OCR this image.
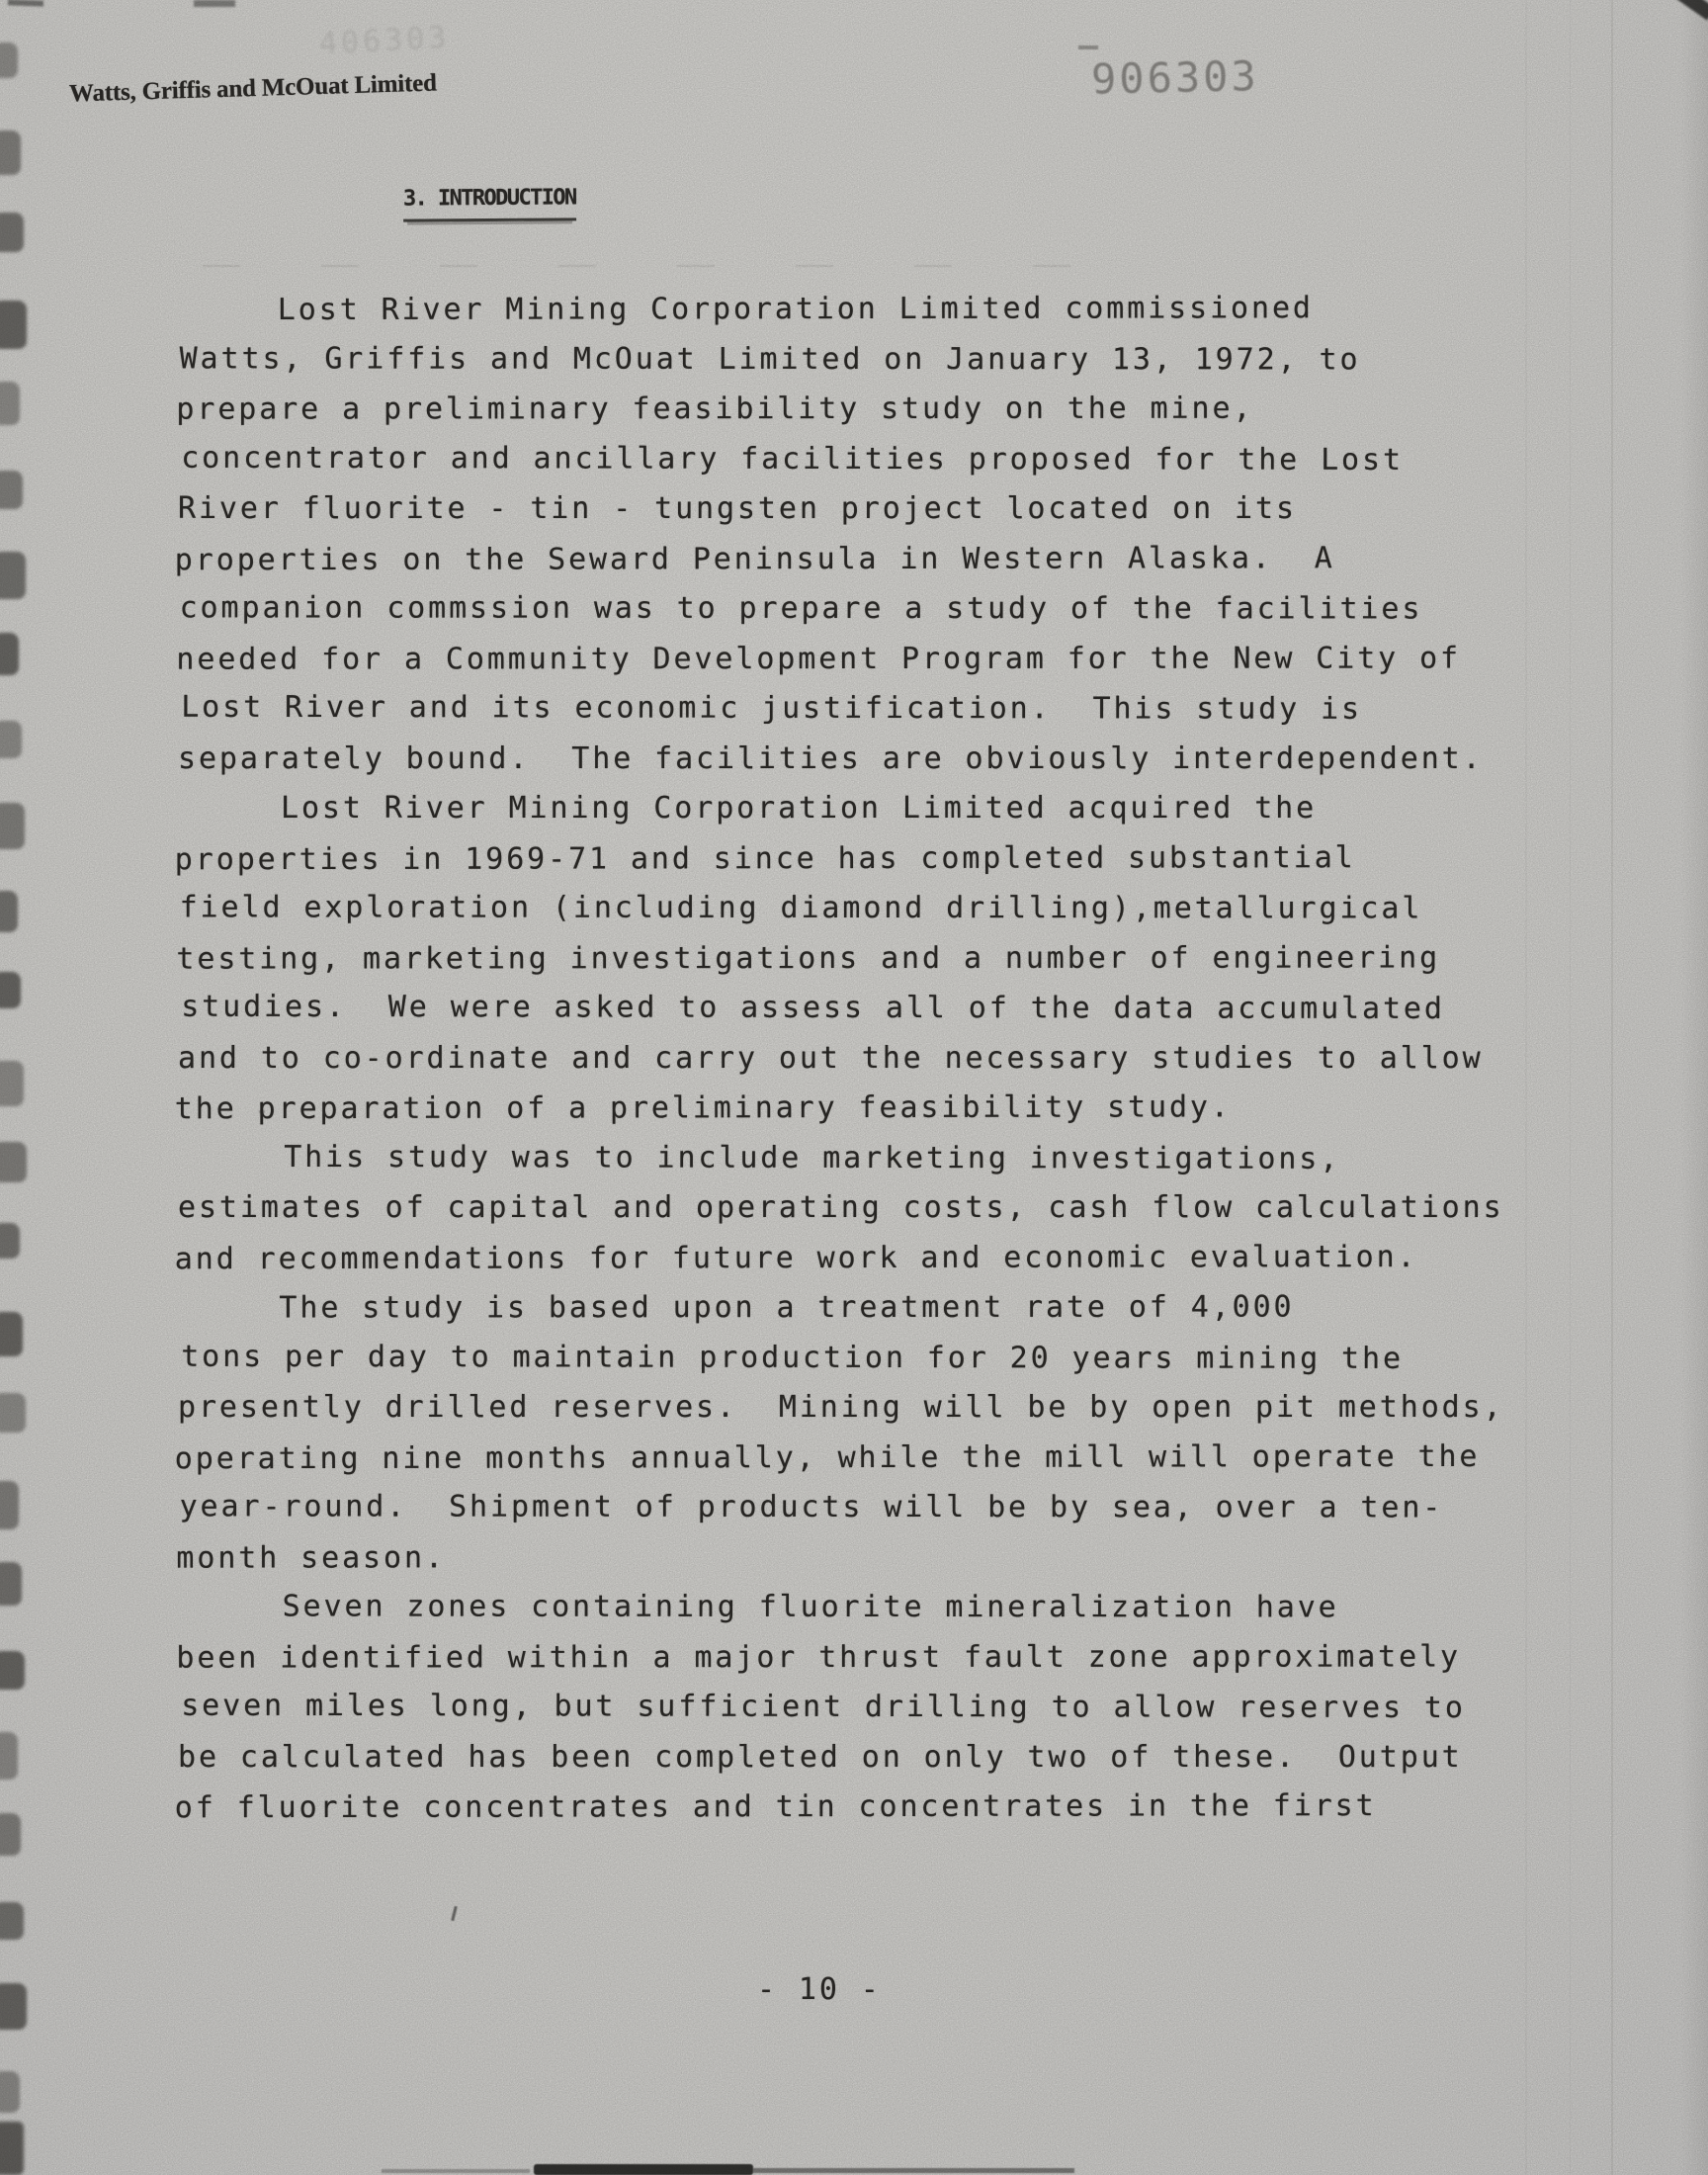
Watts, Griffis and McOuat Limited
406303
906303
3. INTRODUCTION
Lost River Mining Corporation Limited commissioned
Watts, Griffis and McOuat Limited on January 13, 1972, to
prepare a preliminary feasibility study on the mine,
concentrator and ancillary facilities proposed for the Lost
River fluorite - tin - tungsten project located on its
properties on the Seward Peninsula in Western Alaska.  A
companion commssion was to prepare a study of the facilities
needed for a Community Development Program for the New City of
Lost River and its economic justification.  This study is
separately bound.  The facilities are obviously interdependent.
Lost River Mining Corporation Limited acquired the
properties in 1969-71 and since has completed substantial
field exploration (including diamond drilling),metallurgical
testing, marketing investigations and a number of engineering
studies.  We were asked to assess all of the data accumulated
and to co-ordinate and carry out the necessary studies to allow
the preparation of a preliminary feasibility study.
This study was to include marketing investigations,
estimates of capital and operating costs, cash flow calculations
and recommendations for future work and economic evaluation.
The study is based upon a treatment rate of 4,000
tons per day to maintain production for 20 years mining the
presently drilled reserves.  Mining will be by open pit methods,
operating nine months annually, while the mill will operate the
year-round.  Shipment of products will be by sea, over a ten-
month season.
Seven zones containing fluorite mineralization have
been identified within a major thrust fault zone approximately
seven miles long, but sufficient drilling to allow reserves to
be calculated has been completed on only two of these.  Output
of fluorite concentrates and tin concentrates in the first
- 10 -
